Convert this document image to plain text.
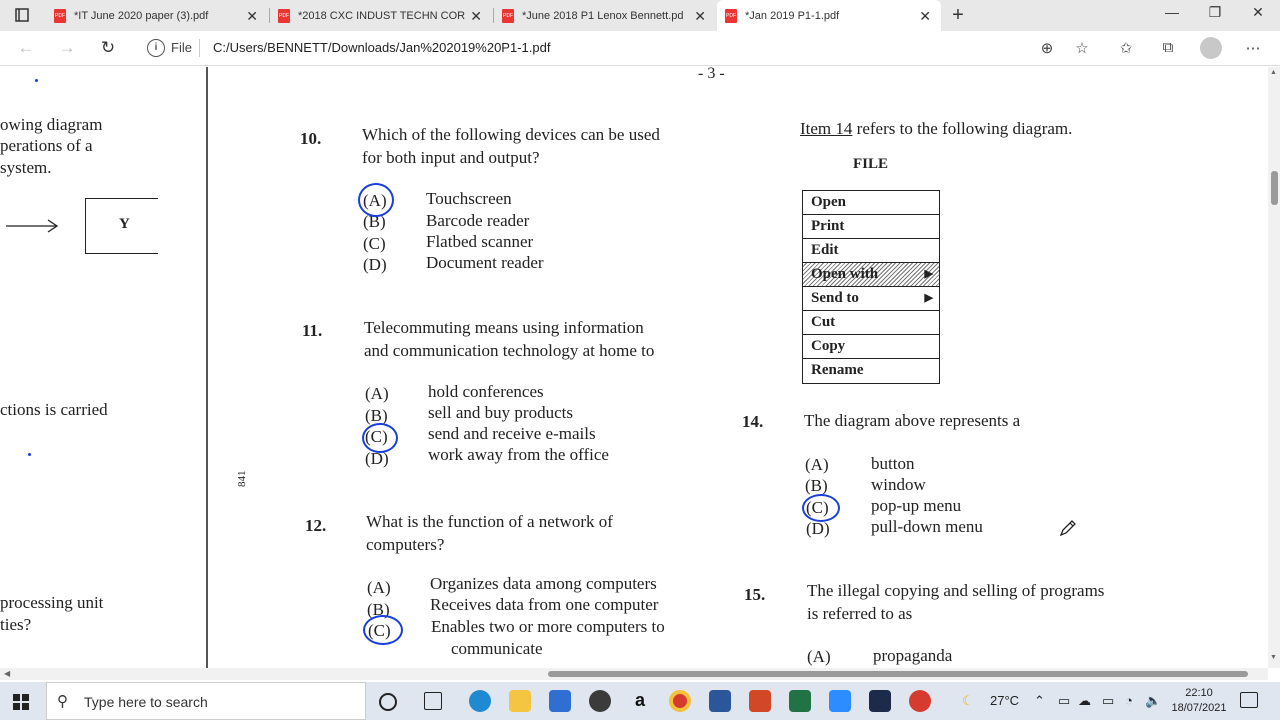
PDF *IT June 2020 paper (3).pdf	✕	PDF *2018 CXC INDUST TECHN COR ✕	PDF *June 2018 P1 Lenox Bennett.pd ✕	PDF *Jan 2019 P1-1.pdf	✕ +	— ❐ ✕
← → ↻	i	File C:/Users/BENNETT/Downloads/Jan%202019%20P1-1.pdf	⊕ ☆ ✩	⧉	⋯
owing diagram
perations of a
system.
Y
ctions is carried
processing unit
ties?
841
- 3 -
10. Which of the following devices can be used
for both input and output?
(A) Touchscreen
(B) Barcode reader
(C) Flatbed scanner
(D) Document reader
11. Telecommuting means using information
and communication technology at home to
(A) hold conferences
(B) sell and buy products
(C) send and receive e-mails
(D) work away from the office
12. What is the function of a network of
computers?
(A) Organizes data among computers
(B) Receives data from one computer
(C) Enables two or more computers to
communicate
Item 14 refers to the following diagram.
FILE
Open
Print
Edit
Open with	▶
Send to	▶
Cut
Copy
Rename
14. The diagram above represents a
(A) button
(B)	window
(C) pop-up menu
(D) pull-down menu
15. The illegal copying and selling of programs
is referred to as
(A) propaganda
▲
▼
◀
⚲ Type here to search	a	☾ 27°C ⌃ ▭ ☁ ▭ ◔ 🔈	22:10
18/07/2021
